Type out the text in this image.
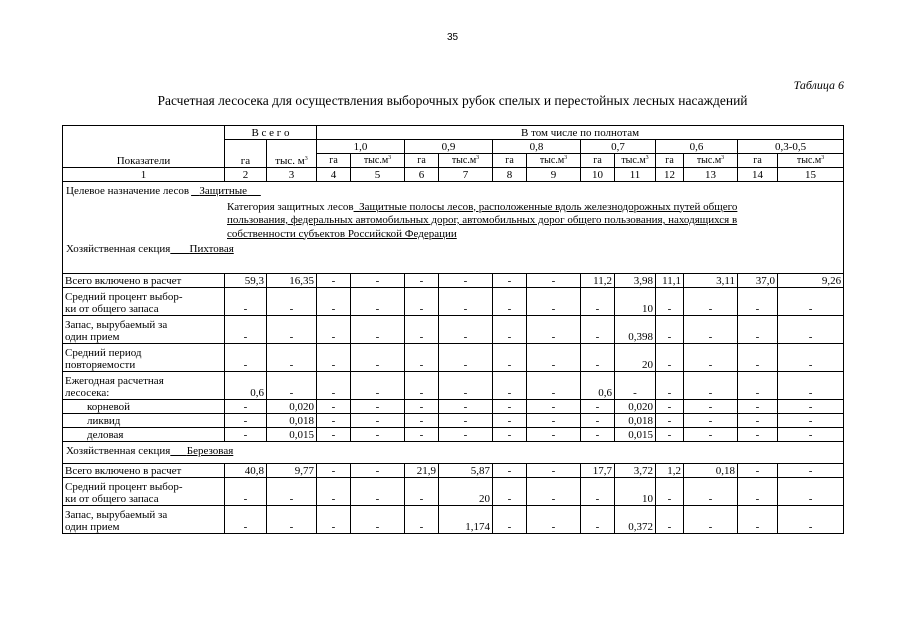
35
Таблица 6
Расчетная лесосека для осуществления выборочных рубок спелых и перестойных лесных насаждений
Показатели	В с е г о		В том числе по полнотам											
	га	тыс. $м^3$	1,0		0,9		0,8		0,7		0,6		0,3-0,5	
			га	$тыс.м^3$	га	$тыс.м^3$	га	$тыс.м^3$	га	$тыс.м^3$	га	$тыс.м^3$	га	$тыс.м^3$
1	2	3	4	5	6	7	8	9	10	11	12	13	14	15

Целевое назначение лесов Защитные
Категория защитных лесов Защитные полосы лесов, расположенные вдоль железнодорожных путей общего
пользования, федеральных автомобильных дорог, автомобильных дорог общего пользования, находящихся в
собственности субъектов Российской Федерации
Хозяйственная секция Пихтовая														

Всего включено в расчет	59,3	16,35	-	-	-	-	-	-	11,2	3,98	11,1	3,11	37,0	9,26

Средний процент выбор-
ки от общего запаса	-	-	-	-	-	-	-	-	-	10	-	-	-	-

Запас, вырубаемый за
один прием	-	-	-	-	-	-	-	-	-	0,398	-	-	-	-

Средний период
повторяемости	-	-	-	-	-	-	-	-	-	20	-	-	-	-

Ежегодная расчетная
лесосека:	0,6	-	-	-	-	-	-	-	0,6	-	-	-	-	-

корневой	-	0,020	-	-	-	-	-	-	-	0,020	-	-	-	-

ликвид	-	0,018	-	-	-	-	-	-	-	0,018	-	-	-	-

деловая	-	0,015	-	-	-	-	-	-	-	0,015	-	-	-	-
Хозяйственная секция Березовая														

Всего включено в расчет	40,8	9,77	-	-	21,9	5,87	-	-	17,7	3,72	1,2	0,18	-	-

Средний процент выбор-
ки от общего запаса	-	-	-	-	-	20	-	-	-	10	-	-	-	-

Запас, вырубаемый за
один прием	-	-	-	-	-	1,174	-	-	-	0,372	-	-	-	-
